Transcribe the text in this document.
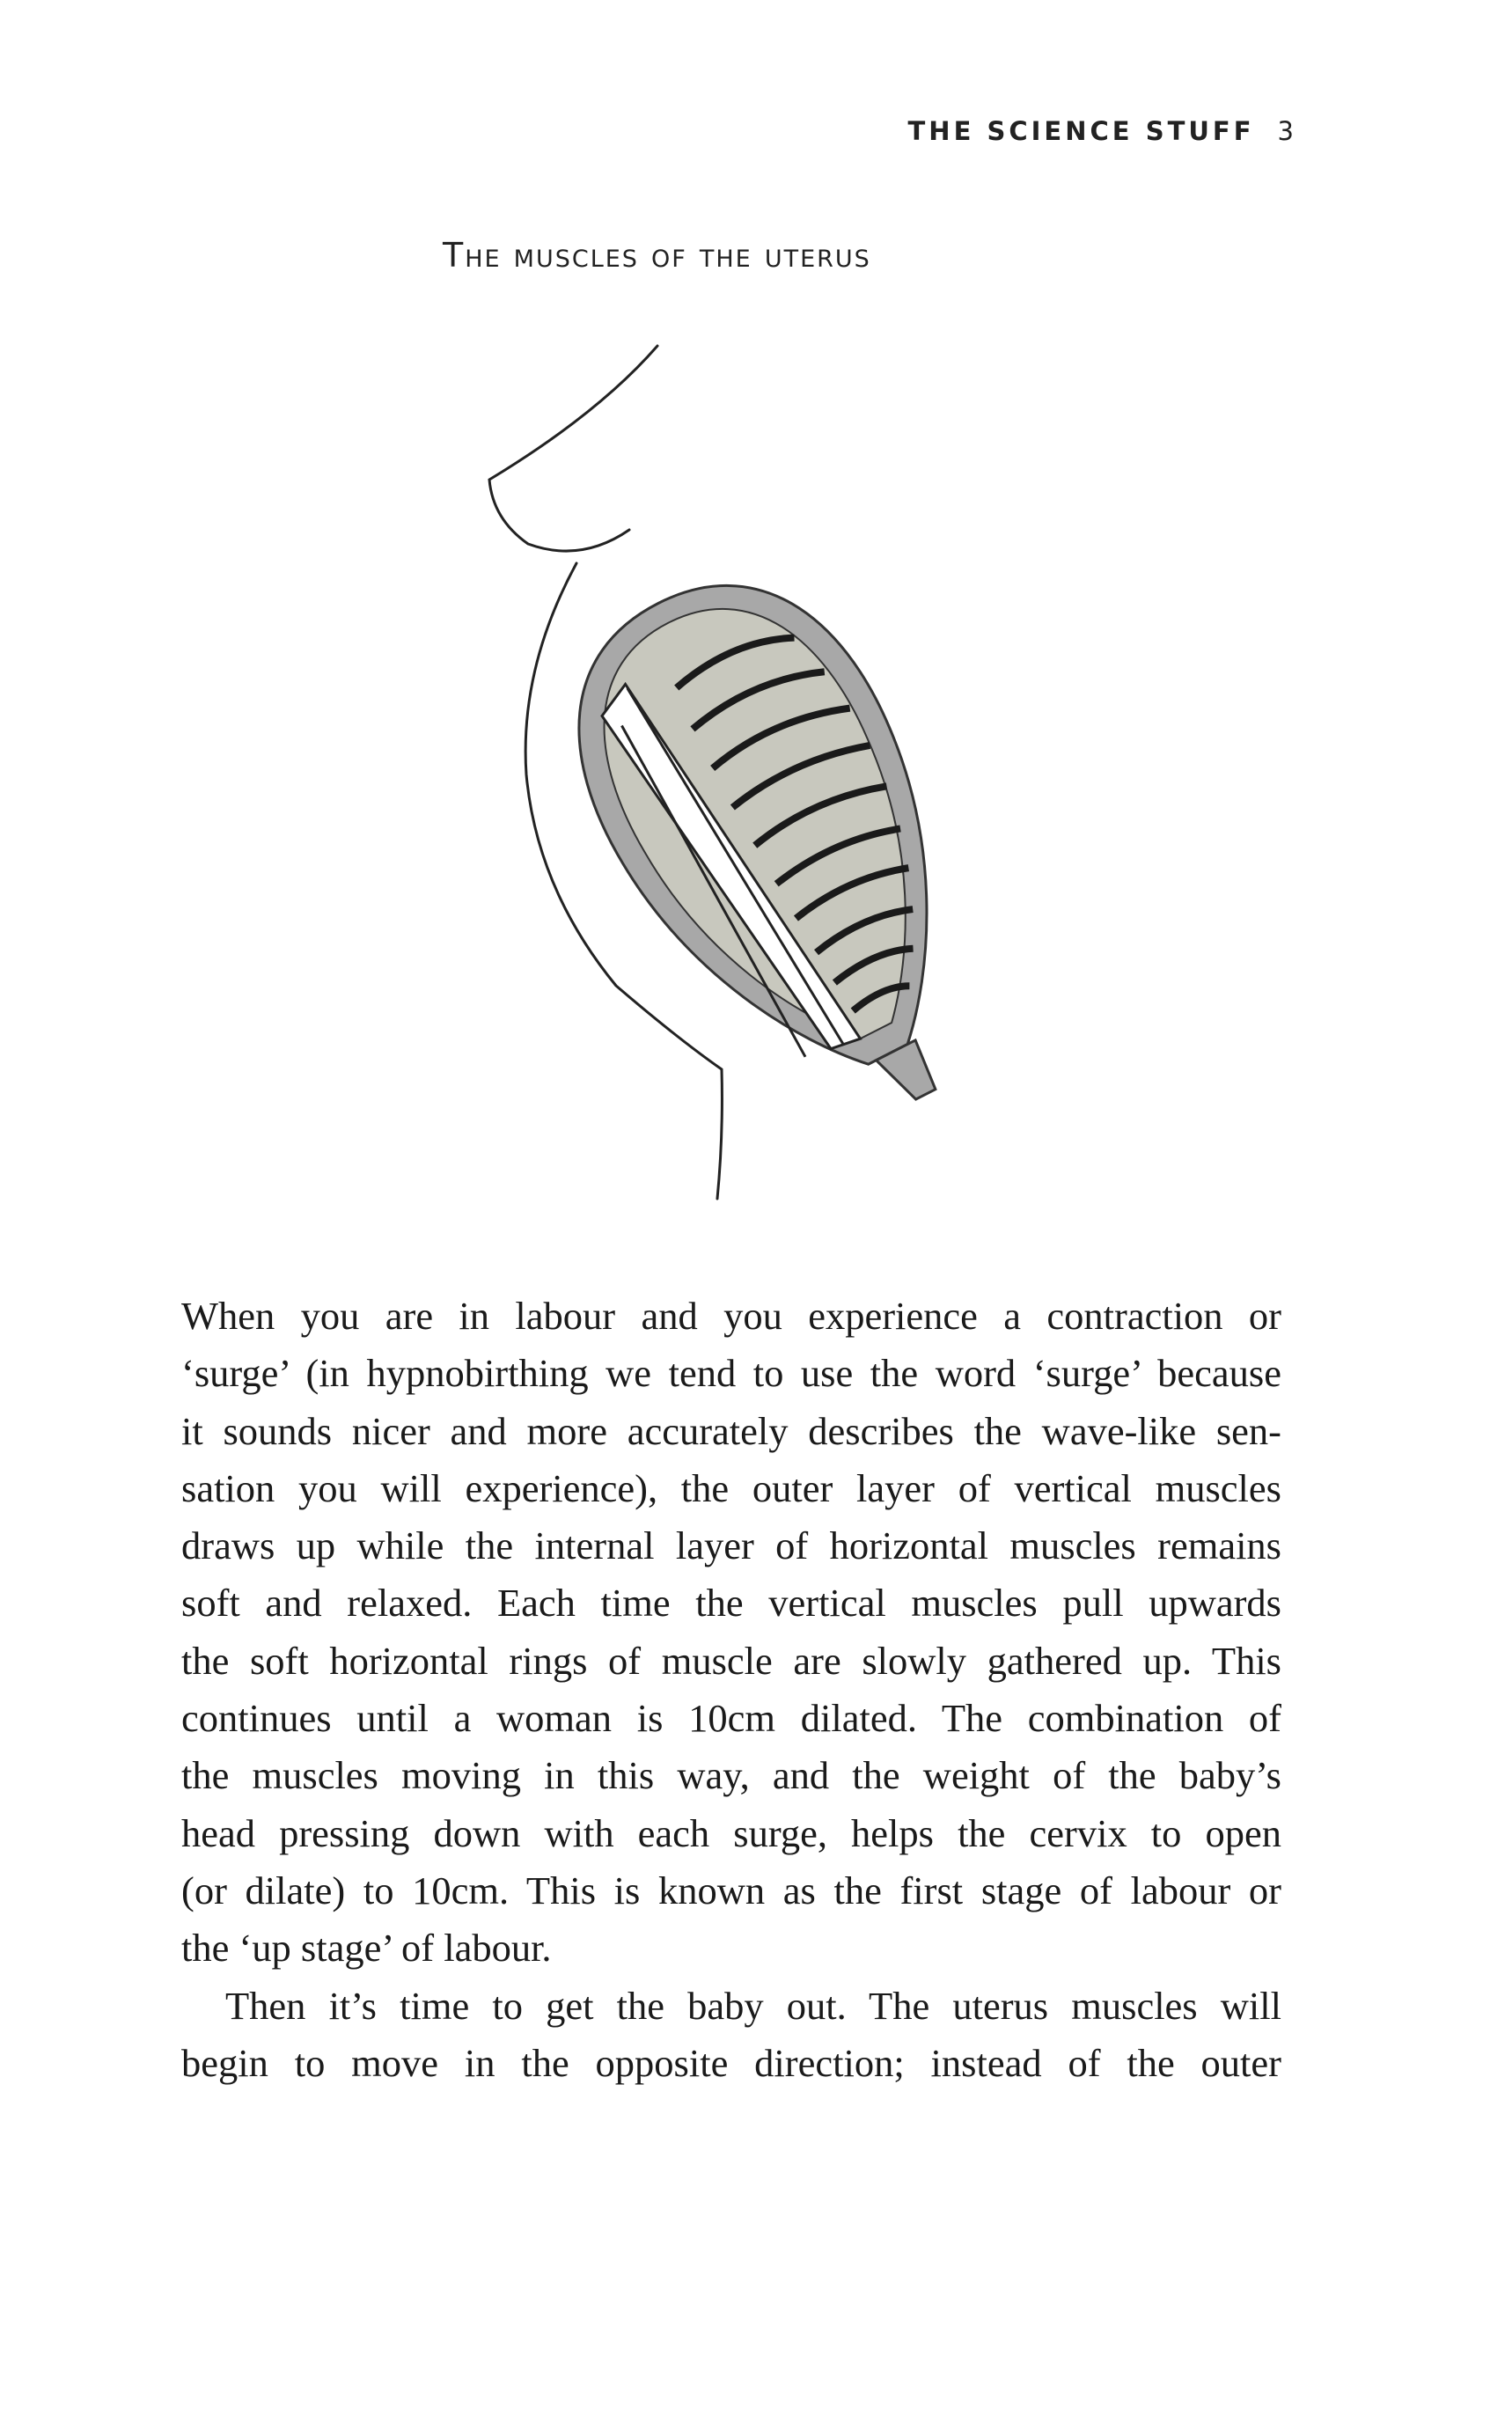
THE SCIENCE STUFF 3
The muscles of the uterus
When you are in labour and you experience a contraction or
‘surge’ (in hypnobirthing we tend to use the word ‘surge’ because
it sounds nicer and more accurately describes the wave-like sen-
sation you will experience), the outer layer of vertical muscles
draws up while the internal layer of horizontal muscles remains
soft and relaxed. Each time the vertical muscles pull upwards
the soft horizontal rings of muscle are slowly gathered up. This
continues until a woman is 10cm dilated. The combination of
the muscles moving in this way, and the weight of the baby’s
head pressing down with each surge, helps the cervix to open
(or dilate) to 10cm. This is known as the first stage of labour or
the ‘up stage’ of labour.
Then it’s time to get the baby out. The uterus muscles will
begin to move in the opposite direction; instead of the outer
